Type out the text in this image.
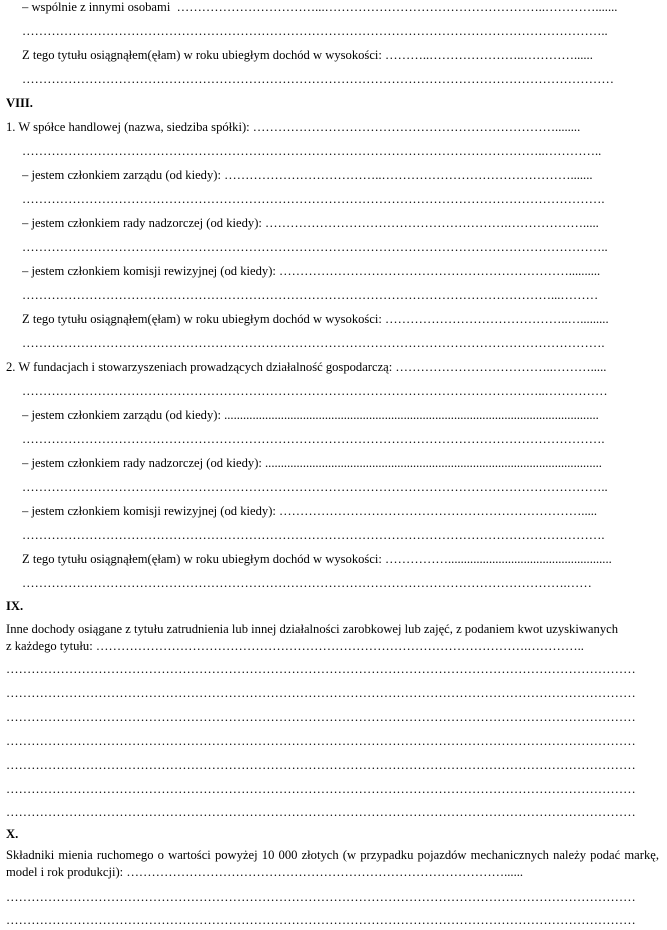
– wspólnie z innymi osobami  ……………………………...……………………………………………..………….......
…………………………………………………………………………………………………………………………..
Z tego tytułu osiągnąłem(ęłam) w roku ubiegłym dochód w wysokości: ………..…………………..…………......
……………………………………………………………………………………………………………………………
VIII.
1. W spółce handlowej (nazwa, siedziba spółki): ………………………………………………………………........
……………………………………………………………………………………………………………..…………..
– jestem członkiem zarządu (od kiedy): ………………………………..……………………………………….......
………………………………………………………………………………………………………………………….
– jestem członkiem rady nadzorczej (od kiedy): ………………………………………………….……………….....
…………………………………………………………………………………………………………………………..
– jestem członkiem komisji rewizyjnej (od kiedy): ……………………………………………………………..........
………………………………………………………………………………………………………………...………
Z tego tytułu osiągnąłem(ęłam) w roku ubiegłym dochód w wysokości: ……………………………………..….........
………………………………………………………………………………………………………………………….
2. W fundacjach i stowarzyszeniach prowadzących działalność gospodarczą: ………………………………..……….....
……………………………………………………………………………………………………………..……………
– jestem członkiem zarządu (od kiedy): .......................................................................................................................
………………………………………………………………………………………………………………………….
– jestem członkiem rady nadzorczej (od kiedy): ...........................................................................................................
…………………………………………………………………………………………………………………………..
– jestem członkiem komisji rewizyjnej (od kiedy): ……………………………………………………………….....
………………………………………………………………………………………………………………………….
Z tego tytułu osiągnąłem(ęłam) w roku ubiegłym dochód w wysokości: ……………....................................................
………………………………………………………………………………………………………………….……
IX.
Inne dochody osiągane z tytułu zatrudnienia lub innej działalności zarobkowej lub zajęć, z podaniem kwot uzyskiwanych
z każdego tytułu: ………………………………………………………………………………………….…………..
……………………………………………………………………………………………………………………………………
……………………………………………………………………………………………………………………………………
……………………………………………………………………………………………………………………………………
……………………………………………………………………………………………………………………………………
……………………………………………………………………………………………………………………………………
……………………………………………………………………………………………………………………………………
……………………………………………………………………………………………………………………………………
X.
Składniki mienia ruchomego o wartości powyżej 10 000 złotych (w przypadku pojazdów mechanicznych należy podać markę, model i rok produkcji): ………………………………………………………………………………......
……………………………………………………………………………………………………………………………………
……………………………………………………………………………………………………………………………………
